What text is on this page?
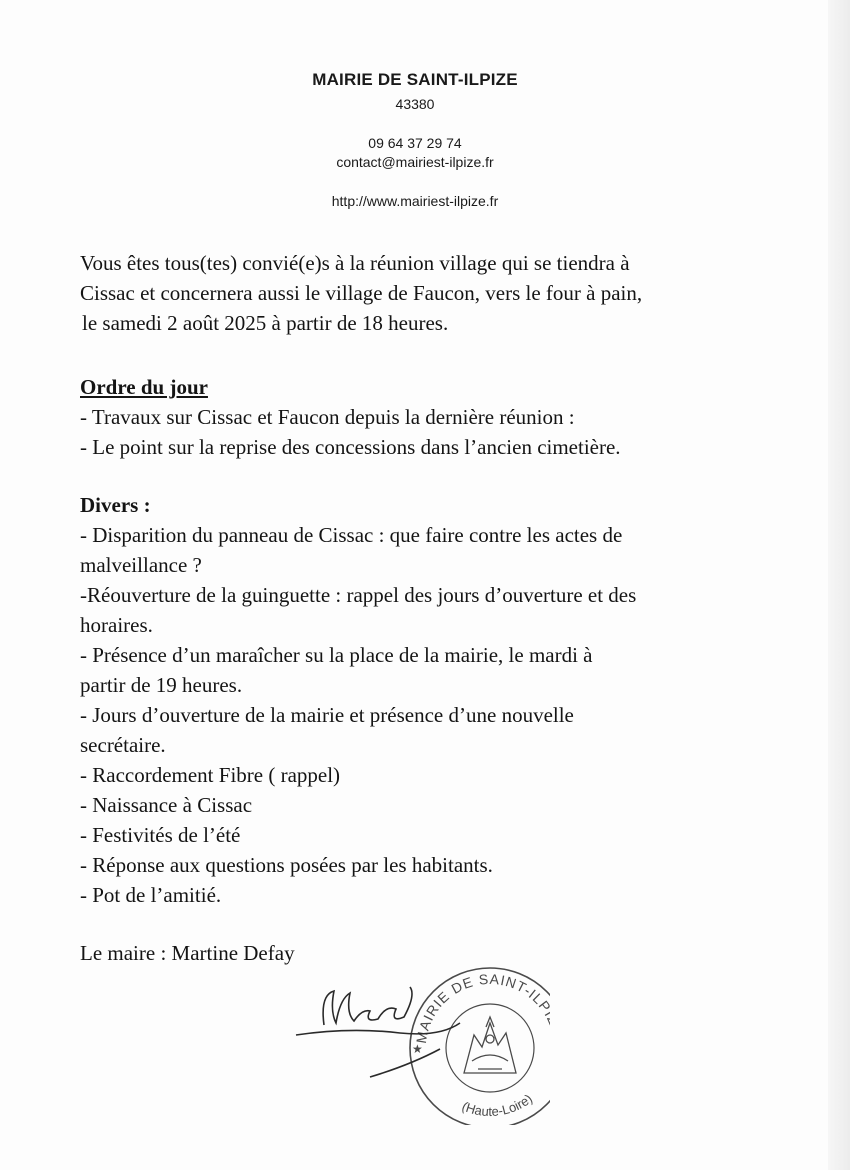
MAIRIE DE SAINT-ILPIZE
43380
09 64 37 29 74
contact@mairiest-ilpize.fr
http://www.mairiest-ilpize.fr

Vous êtes tous(tes) convié(e)s à la réunion village qui se tiendra à

Cissac et concernera aussi le village de Faucon, vers le four à pain,

le samedi 2 août 2025 à partir de 18 heures.

Ordre du jour
- Travaux sur Cissac et Faucon depuis la dernière réunion :
- Le point sur la reprise des concessions dans l’ancien cimetière.
Divers :
- Disparition du panneau de Cissac : que faire contre les actes de
malveillance ?
-Réouverture de la guinguette : rappel des jours d’ouverture et des
horaires.
- Présence d’un maraîcher su la place de la mairie, le mardi à
partir de 19 heures.
- Jours d’ouverture de la mairie et présence d’une nouvelle
secrétaire.
- Raccordement Fibre ( rappel)
- Naissance à Cissac
- Festivités de l’été
- Réponse aux questions posées par les habitants.
- Pot de l’amitié.
Le maire : Martine Defay
MAIRIE DE SAINT-IL
(Haute-Loire)
★
